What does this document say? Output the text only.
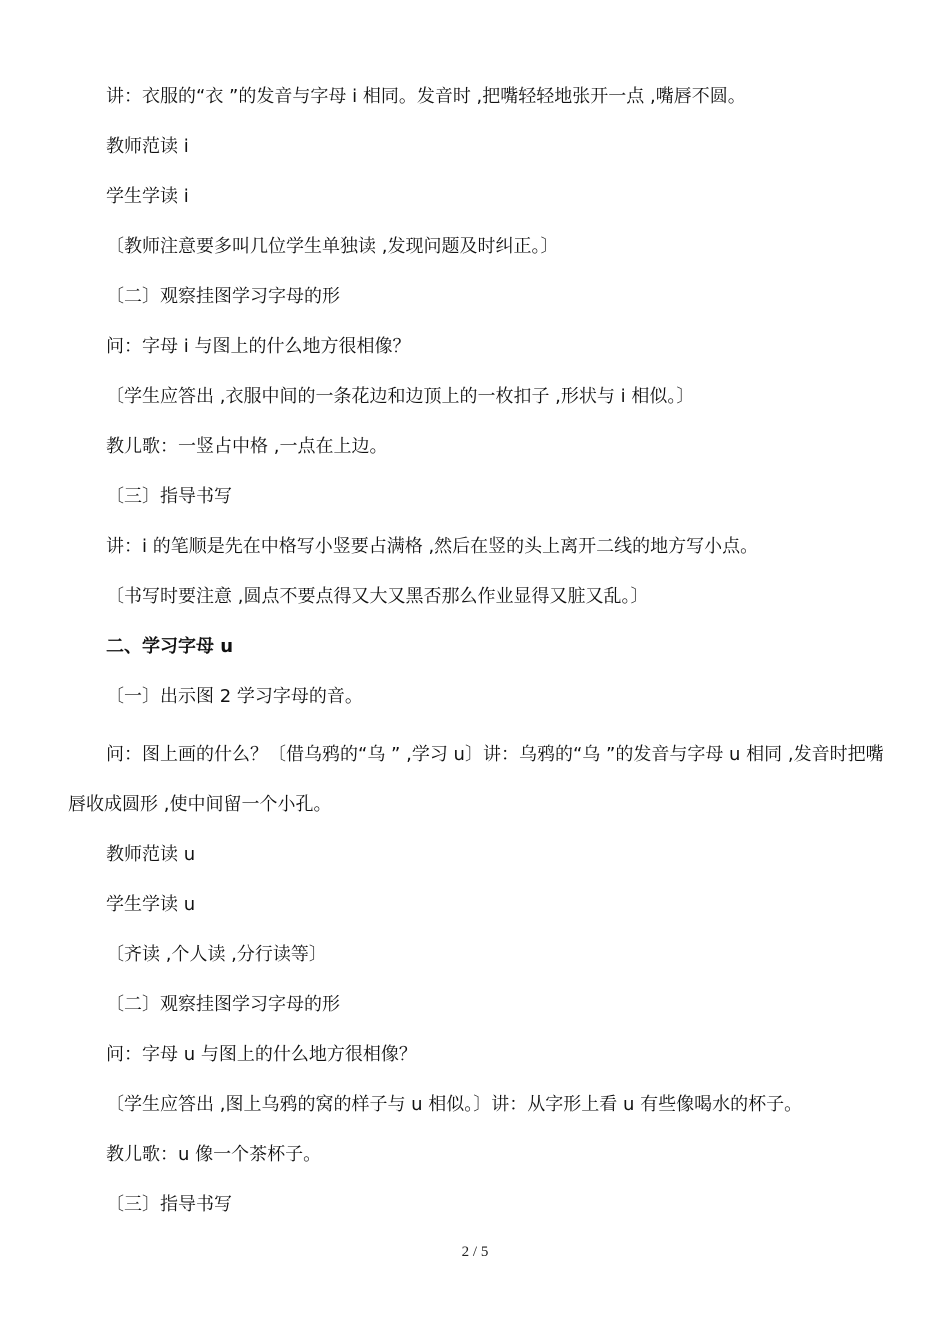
讲：衣服的“衣 ”的发音与字母 i 相同。发音时 ,把嘴轻轻地张开一点 ,嘴唇不圆。

教师范读 i

学生学读 i

〔教师注意要多叫几位学生单独读 ,发现问题及时纠正。〕

〔二〕观察挂图学习字母的形

问：字母 i 与图上的什么地方很相像？

〔学生应答出 ,衣服中间的一条花边和边顶上的一枚扣子 ,形状与 i 相似。〕

教儿歌：一竖占中格 ,一点在上边。

〔三〕指导书写

讲：i 的笔顺是先在中格写小竖要占满格 ,然后在竖的头上离开二线的地方写小点。

〔书写时要注意 ,圆点不要点得又大又黑否那么作业显得又脏又乱。〕

二、学习字母 u

〔一〕出示图 2 学习字母的音。

问：图上画的什么？〔借乌鸦的“乌 ” ,学习 u〕讲：乌鸦的“乌 ”的发音与字母 u 相同 ,发音时把嘴唇收成圆形 ,使中间留一个小孔。

教师范读 u

学生学读 u

〔齐读 ,个人读 ,分行读等〕

〔二〕观察挂图学习字母的形

问：字母 u 与图上的什么地方很相像？

〔学生应答出 ,图上乌鸦的窝的样子与 u 相似。〕讲：从字形上看 u 有些像喝水的杯子。

教儿歌：u 像一个茶杯子。

〔三〕指导书写

2 / 5
